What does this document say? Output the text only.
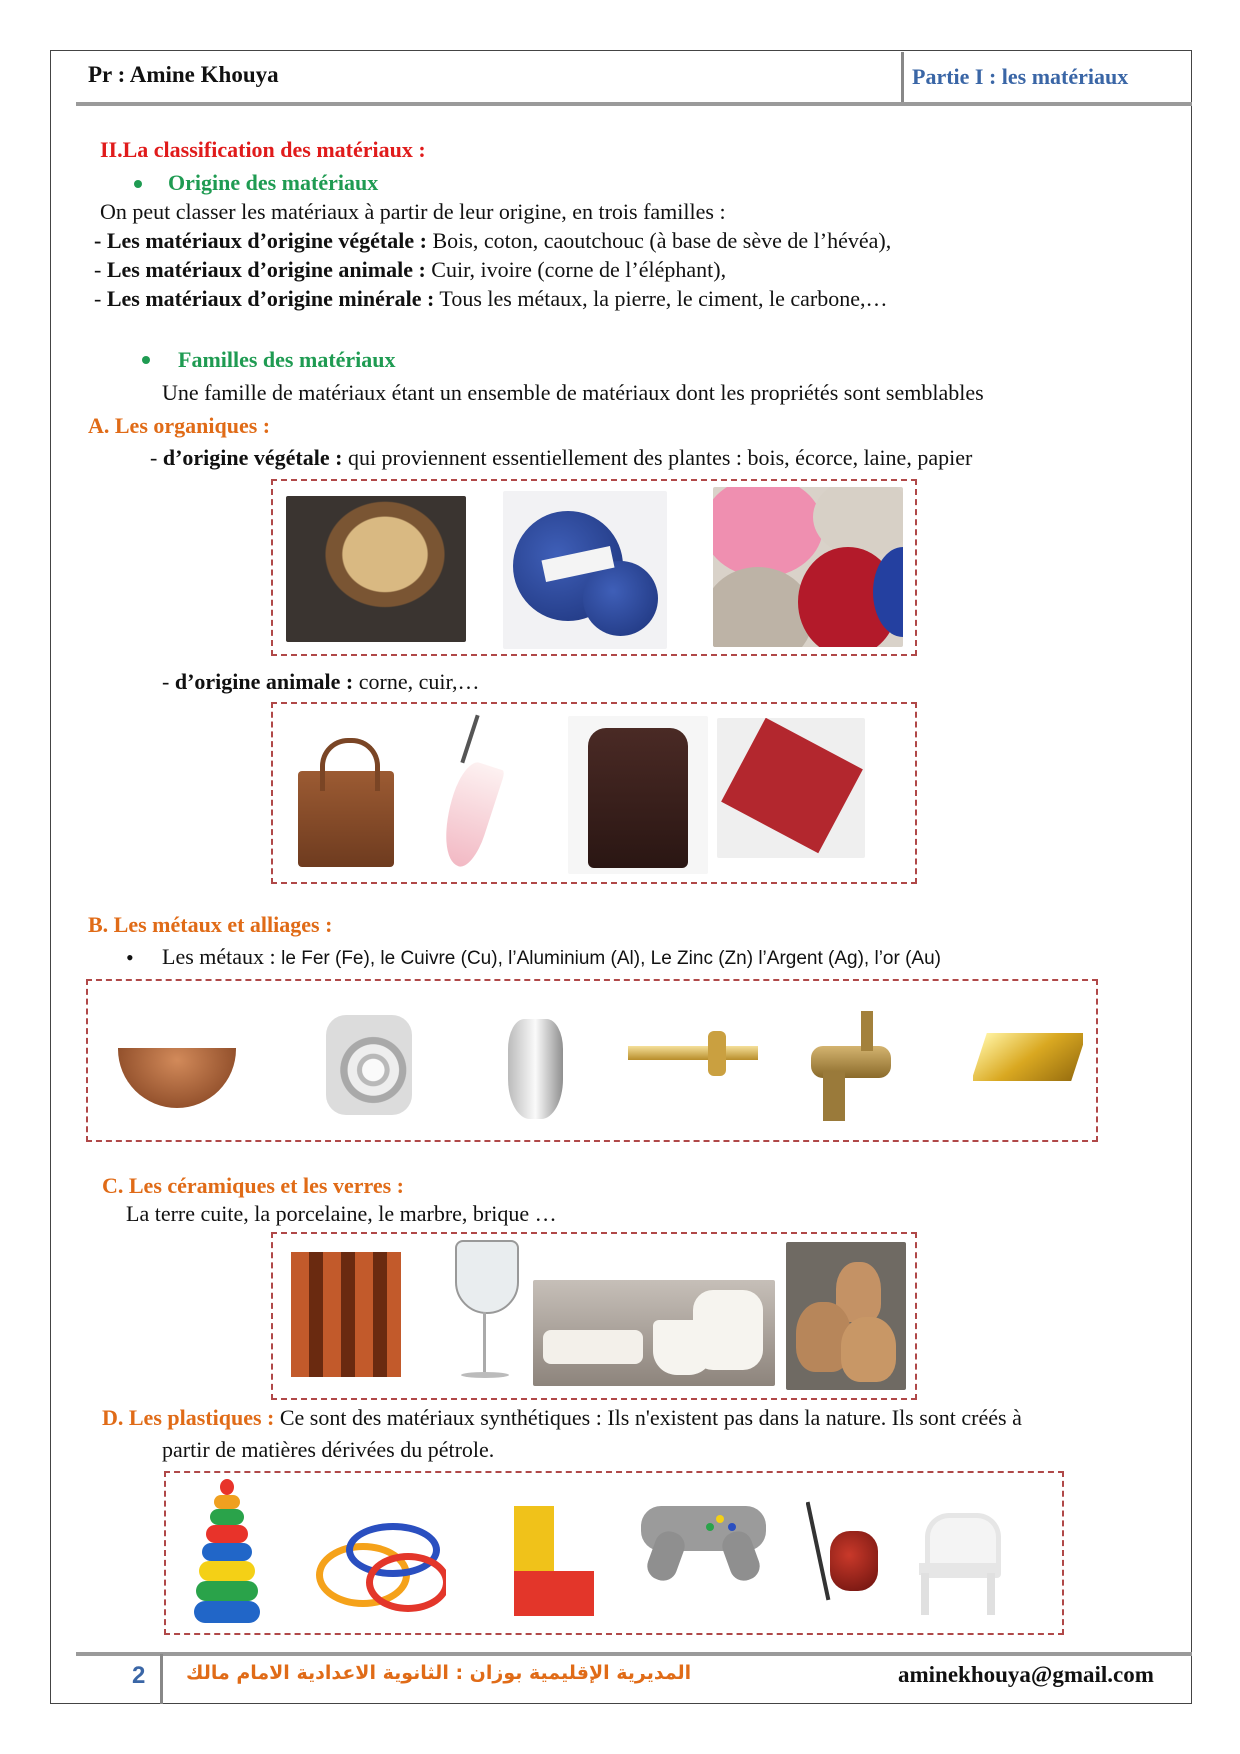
Pr : Amine Khouya	Partie I : les matériaux
II.La classification des matériaux :
Origine des matériaux
On peut classer les matériaux à partir de leur origine, en trois familles :
- Les matériaux d’origine végétale : Bois, coton, caoutchouc (à base de sève de l’hévéa),
- Les matériaux d’origine animale : Cuir, ivoire (corne de l’éléphant),
- Les matériaux d’origine minérale : Tous les métaux, la pierre, le ciment, le carbone,…
Familles des matériaux
Une famille de matériaux étant un ensemble de matériaux dont les propriétés sont semblables
A. Les organiques :
- d’origine végétale : qui proviennent essentiellement des plantes : bois, écorce, laine, papier
- d’origine animale : corne, cuir,…
B. Les métaux et alliages :
• Les métaux : le Fer (Fe), le Cuivre (Cu), l’Aluminium (Al), Le Zinc (Zn) l’Argent (Ag), l’or (Au)
C. Les céramiques et les verres :
La terre cuite, la porcelaine, le marbre, brique …
D. Les plastiques : Ce sont des matériaux synthétiques : Ils n'existent pas dans la nature. Ils sont créés à
partir de matières dérivées du pétrole.
2 المديرية الإقليمية بوزان : الثانوية الاعدادية الامام مالك	aminekhouya@gmail.com
